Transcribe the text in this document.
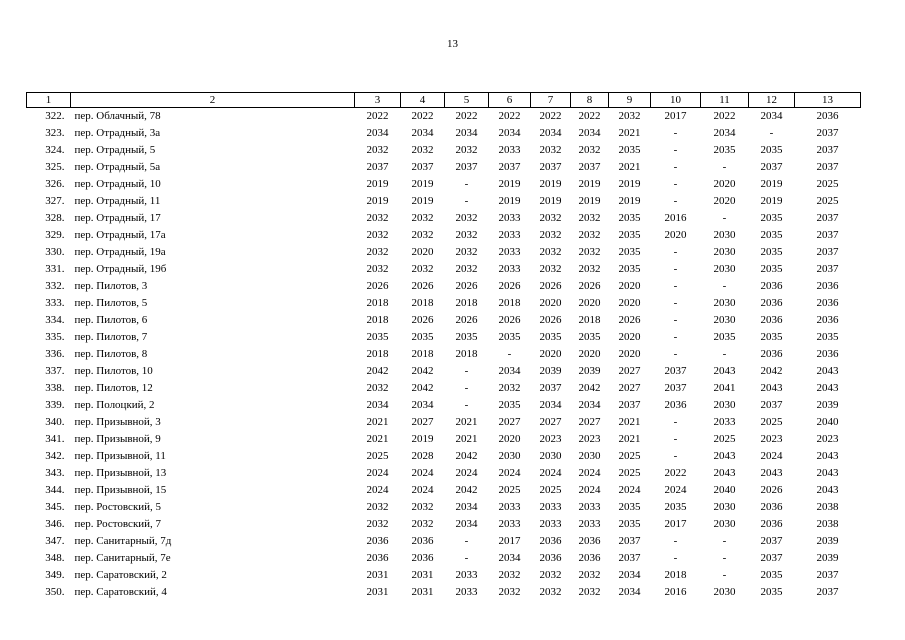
13
1	2	3	4	5	6	7	8	9	10	11	12	13
322.	пер. Облачный, 78	2022	2022	2022	2022	2022	2022	2032	2017	2022	2034	2036
323.	пер. Отрадный, 3а	2034	2034	2034	2034	2034	2034	2021	-	2034	-	2037
324.	пер. Отрадный, 5	2032	2032	2032	2033	2032	2032	2035	-	2035	2035	2037
325.	пер. Отрадный, 5а	2037	2037	2037	2037	2037	2037	2021	-	-	2037	2037
326.	пер. Отрадный, 10	2019	2019	-	2019	2019	2019	2019	-	2020	2019	2025
327.	пер. Отрадный, 11	2019	2019	-	2019	2019	2019	2019	-	2020	2019	2025
328.	пер. Отрадный, 17	2032	2032	2032	2033	2032	2032	2035	2016	-	2035	2037
329.	пер. Отрадный, 17а	2032	2032	2032	2033	2032	2032	2035	2020	2030	2035	2037
330.	пер. Отрадный, 19а	2032	2020	2032	2033	2032	2032	2035	-	2030	2035	2037
331.	пер. Отрадный, 19б	2032	2032	2032	2033	2032	2032	2035	-	2030	2035	2037
332.	пер. Пилотов, 3	2026	2026	2026	2026	2026	2026	2020	-	-	2036	2036
333.	пер. Пилотов, 5	2018	2018	2018	2018	2020	2020	2020	-	2030	2036	2036
334.	пер. Пилотов, 6	2018	2026	2026	2026	2026	2018	2026	-	2030	2036	2036
335.	пер. Пилотов, 7	2035	2035	2035	2035	2035	2035	2020	-	2035	2035	2035
336.	пер. Пилотов, 8	2018	2018	2018	-	2020	2020	2020	-	-	2036	2036
337.	пер. Пилотов, 10	2042	2042	-	2034	2039	2039	2027	2037	2043	2042	2043
338.	пер. Пилотов, 12	2032	2042	-	2032	2037	2042	2027	2037	2041	2043	2043
339.	пер. Полоцкий, 2	2034	2034	-	2035	2034	2034	2037	2036	2030	2037	2039
340.	пер. Призывной, 3	2021	2027	2021	2027	2027	2027	2021	-	2033	2025	2040
341.	пер. Призывной, 9	2021	2019	2021	2020	2023	2023	2021	-	2025	2023	2023
342.	пер. Призывной, 11	2025	2028	2042	2030	2030	2030	2025	-	2043	2024	2043
343.	пер. Призывной, 13	2024	2024	2024	2024	2024	2024	2025	2022	2043	2043	2043
344.	пер. Призывной, 15	2024	2024	2042	2025	2025	2024	2024	2024	2040	2026	2043
345.	пер. Ростовский, 5	2032	2032	2034	2033	2033	2033	2035	2035	2030	2036	2038
346.	пер. Ростовский, 7	2032	2032	2034	2033	2033	2033	2035	2017	2030	2036	2038
347.	пер. Санитарный, 7д	2036	2036	-	2017	2036	2036	2037	-	-	2037	2039
348.	пер. Санитарный, 7е	2036	2036	-	2034	2036	2036	2037	-	-	2037	2039
349.	пер. Саратовский, 2	2031	2031	2033	2032	2032	2032	2034	2018	-	2035	2037
350.	пер. Саратовский, 4	2031	2031	2033	2032	2032	2032	2034	2016	2030	2035	2037
